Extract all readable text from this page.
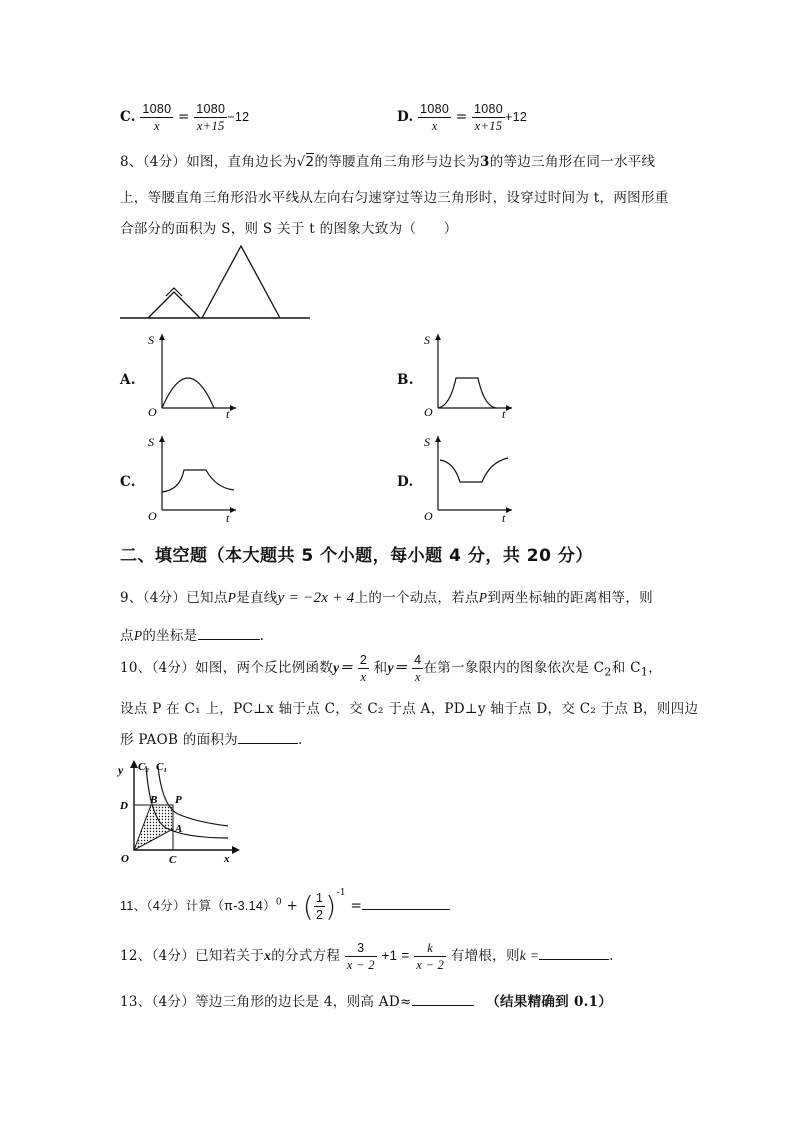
C. $\frac{1080}{x} = \frac{1080}{x+15} -12$	D. $\frac{1080}{x} = \frac{1080}{x+15} +12$
8、（4分）如图，直角边长为√2的等腰直角三角形与边长为3的等边三角形在同一水平线
上，等腰直角三角形沿水平线从左向右匀速穿过等边三角形时，设穿过时间为 t，两图形重
合部分的面积为 S，则 S 关于 t 的图象大致为（　　）
A.
S
O	t
B.
S
O	t
C.
S
O	t
D.
S
O	t
二、填空题（本大题共 5 个小题，每小题 4 分，共 20 分）
9、（4分）已知点P是直线y = −2x + 4上的一个动点，若点P到两坐标轴的距离相等，则
点P的坐标是	.
10、（4分）如图，两个反比例函数$y= \frac{2}{x}$ 和$y= \frac{4}{x}$ 在第一象限内的图象依次是 $C_2$和 $C_1$，
设点 P 在 C₁ 上，PC⊥x 轴于点 C，交 C₂ 于点 A，PD⊥y 轴于点 D，交 C₂ 于点 B，则四边
形 PAOB 的面积为	.
y C₂ C₁
D B P
A
O	C	x
11、（4分）计算$(\pi-3.14)^0$ + ( $\frac{1}{2} )^{-1}$ =
12、（4分）已知若关于x的分式方程 $\frac{3}{x - 2} +1 = \frac{k}{x - 2}$ 有增根，则k =	.
13、（4分）等边三角形的边长是 4，则高 AD≈	（结果精确到 0.1）
